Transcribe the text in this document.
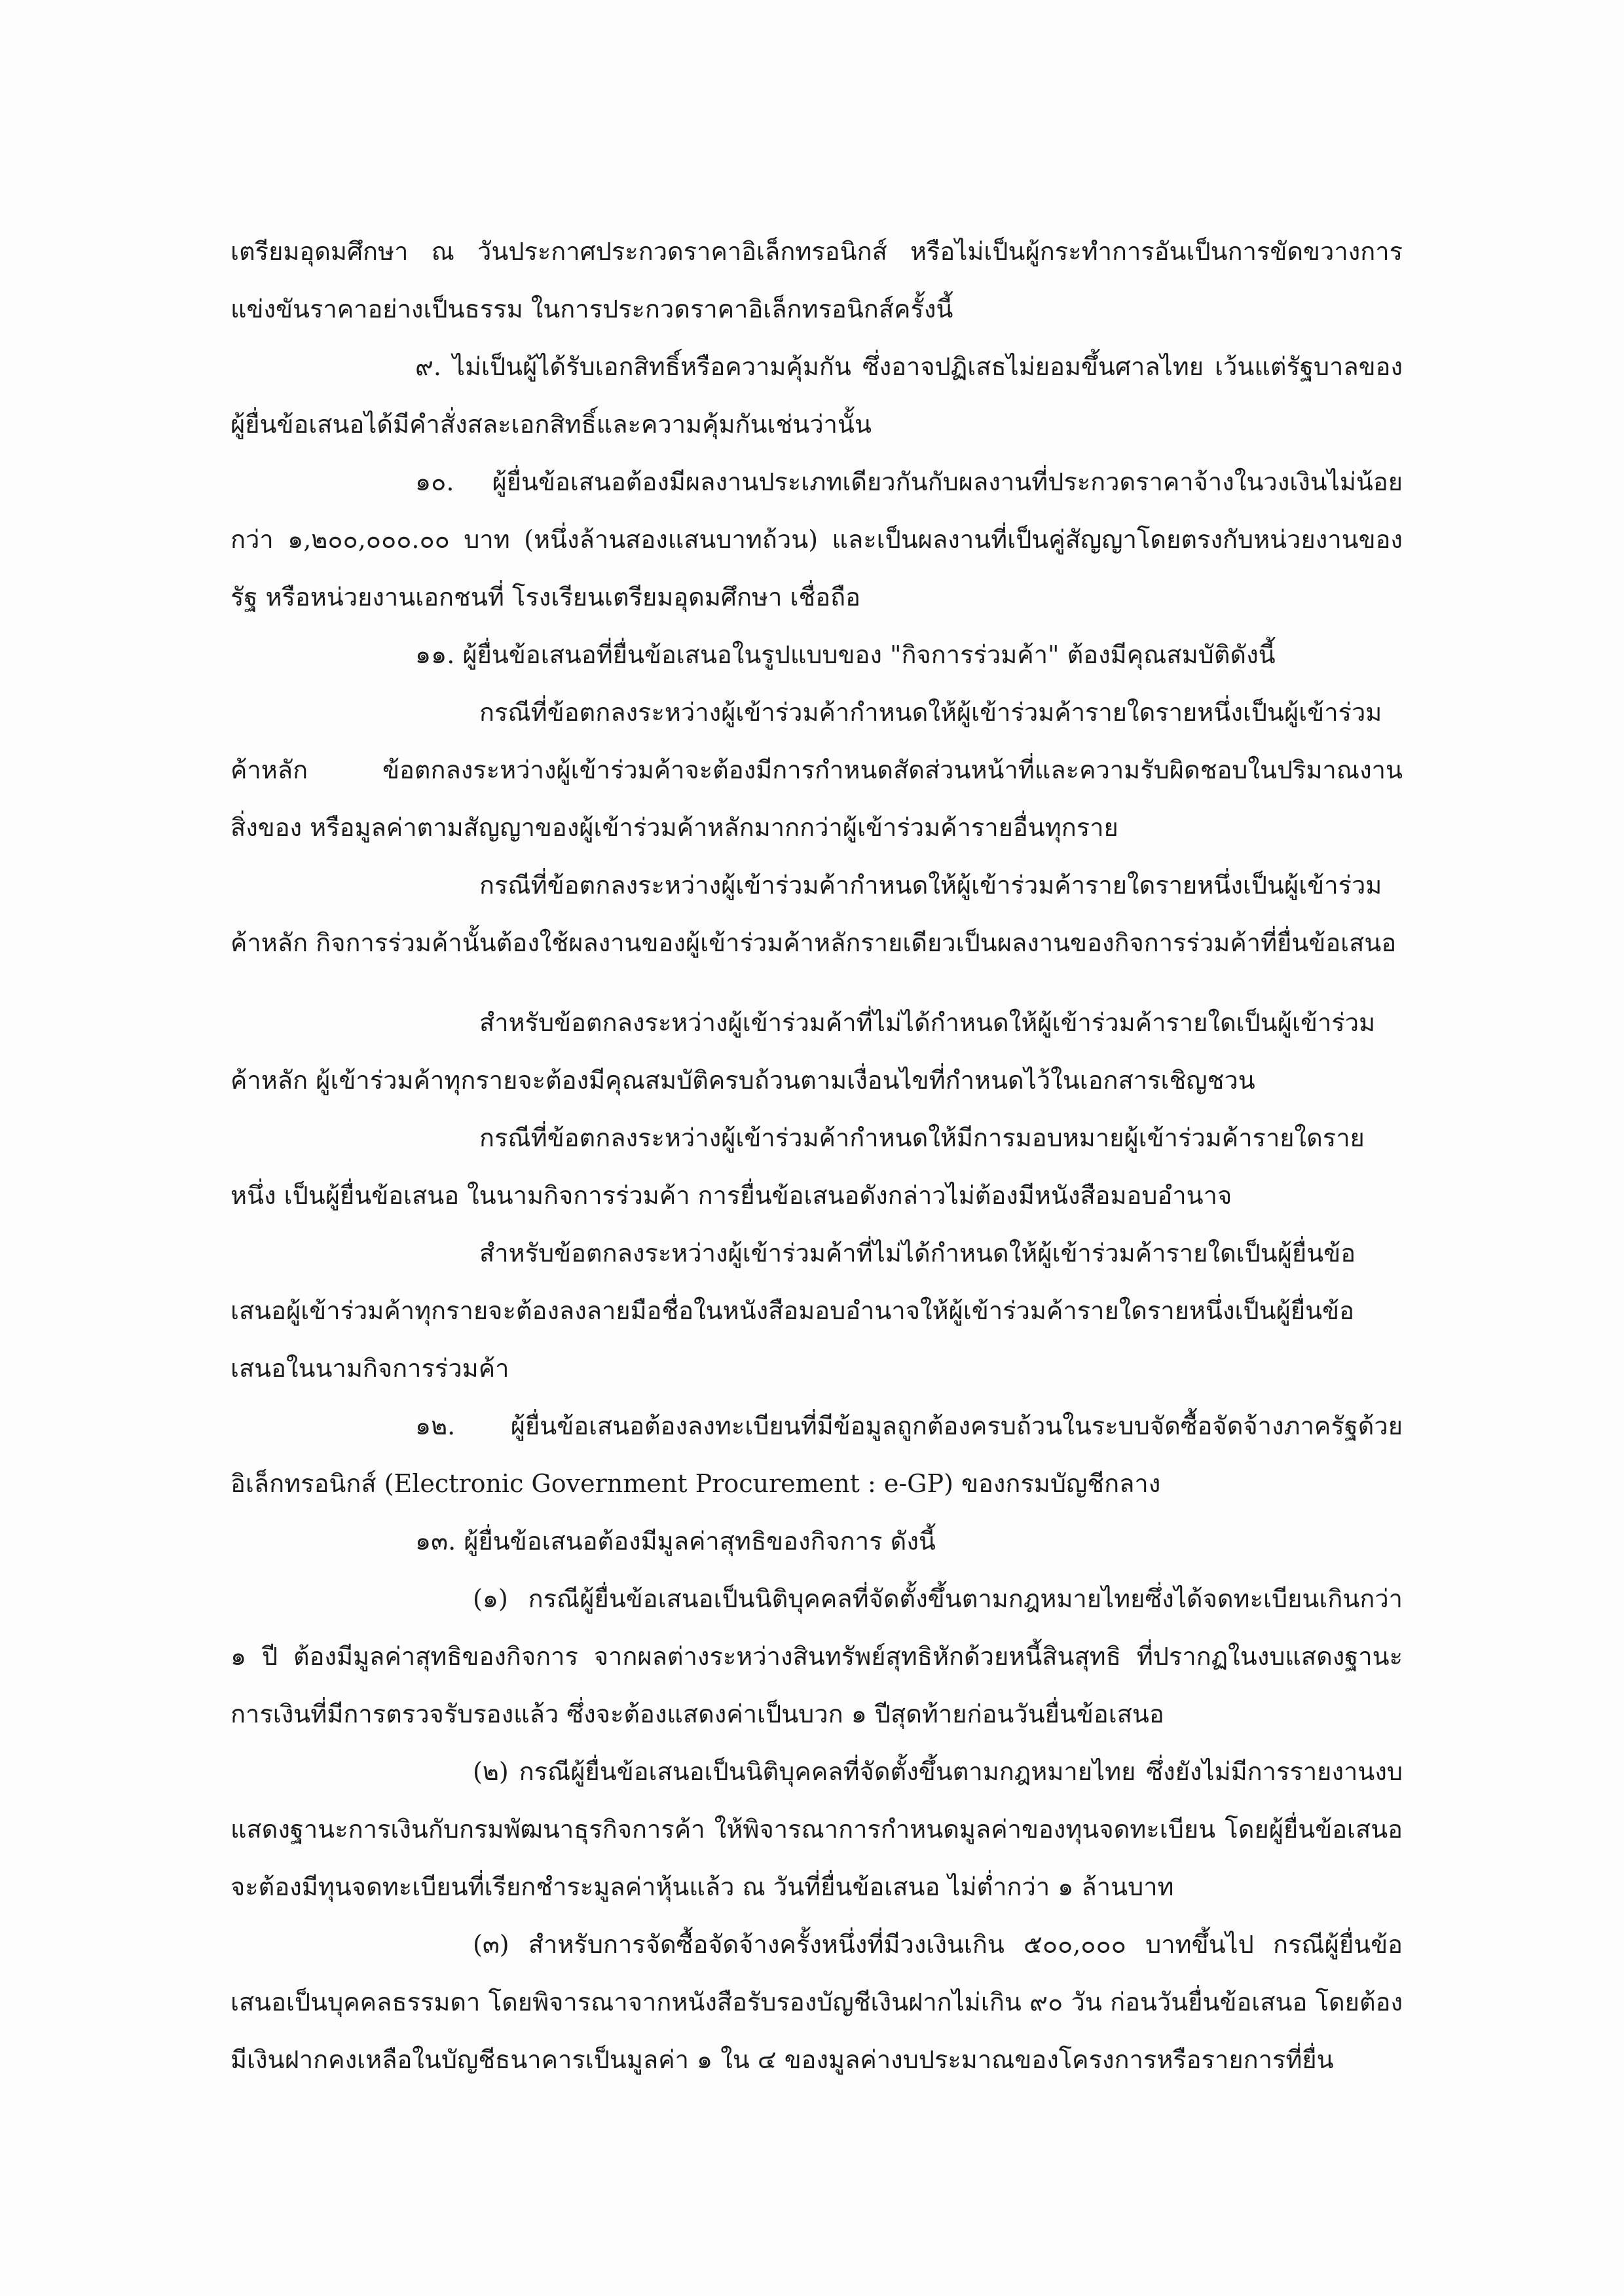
เตรียมอุดมศึกษา ณ วันประกาศประกวดราคาอิเล็กทรอนิกส์ หรือไม่เป็นผู้กระทำการอันเป็นการขัดขวางการแข่งขันราคาอย่างเป็นธรรม ในการประกวดราคาอิเล็กทรอนิกส์ครั้งนี้

๙. ไม่เป็นผู้ได้รับเอกสิทธิ์หรือความคุ้มกัน ซึ่งอาจปฏิเสธไม่ยอมขึ้นศาลไทย เว้นแต่รัฐบาลของผู้ยื่นข้อเสนอได้มีคำสั่งสละเอกสิทธิ์และความคุ้มกันเช่นว่านั้น

๑๐. ผู้ยื่นข้อเสนอต้องมีผลงานประเภทเดียวกันกับผลงานที่ประกวดราคาจ้างในวงเงินไม่น้อยกว่า ๑,๒๐๐,๐๐๐.๐๐ บาท (หนึ่งล้านสองแสนบาทถ้วน) และเป็นผลงานที่เป็นคู่สัญญาโดยตรงกับหน่วยงานของรัฐ หรือหน่วยงานเอกชนที่ โรงเรียนเตรียมอุดมศึกษา เชื่อถือ

๑๑. ผู้ยื่นข้อเสนอที่ยื่นข้อเสนอในรูปแบบของ "กิจการร่วมค้า" ต้องมีคุณสมบัติดังนี้

กรณีที่ข้อตกลงระหว่างผู้เข้าร่วมค้ากำหนดให้ผู้เข้าร่วมค้ารายใดรายหนึ่งเป็นผู้เข้าร่วมค้าหลัก ข้อตกลงระหว่างผู้เข้าร่วมค้าจะต้องมีการกำหนดสัดส่วนหน้าที่และความรับผิดชอบในปริมาณงาน สิ่งของ หรือมูลค่าตามสัญญาของผู้เข้าร่วมค้าหลักมากกว่าผู้เข้าร่วมค้ารายอื่นทุกราย

กรณีที่ข้อตกลงระหว่างผู้เข้าร่วมค้ากำหนดให้ผู้เข้าร่วมค้ารายใดรายหนึ่งเป็นผู้เข้าร่วมค้าหลัก กิจการร่วมค้านั้นต้องใช้ผลงานของผู้เข้าร่วมค้าหลักรายเดียวเป็นผลงานของกิจการร่วมค้าที่ยื่นข้อเสนอ

สำหรับข้อตกลงระหว่างผู้เข้าร่วมค้าที่ไม่ได้กำหนดให้ผู้เข้าร่วมค้ารายใดเป็นผู้เข้าร่วมค้าหลัก ผู้เข้าร่วมค้าทุกรายจะต้องมีคุณสมบัติครบถ้วนตามเงื่อนไขที่กำหนดไว้ในเอกสารเชิญชวน

กรณีที่ข้อตกลงระหว่างผู้เข้าร่วมค้ากำหนดให้มีการมอบหมายผู้เข้าร่วมค้ารายใดรายหนึ่ง เป็นผู้ยื่นข้อเสนอ ในนามกิจการร่วมค้า การยื่นข้อเสนอดังกล่าวไม่ต้องมีหนังสือมอบอำนาจ

สำหรับข้อตกลงระหว่างผู้เข้าร่วมค้าที่ไม่ได้กำหนดให้ผู้เข้าร่วมค้ารายใดเป็นผู้ยื่นข้อเสนอผู้เข้าร่วมค้าทุกรายจะต้องลงลายมือชื่อในหนังสือมอบอำนาจให้ผู้เข้าร่วมค้ารายใดรายหนึ่งเป็นผู้ยื่นข้อเสนอในนามกิจการร่วมค้า

๑๒. ผู้ยื่นข้อเสนอต้องลงทะเบียนที่มีข้อมูลถูกต้องครบถ้วนในระบบจัดซื้อจัดจ้างภาครัฐด้วยอิเล็กทรอนิกส์ (Electronic Government Procurement : e-GP) ของกรมบัญชีกลาง

๑๓. ผู้ยื่นข้อเสนอต้องมีมูลค่าสุทธิของกิจการ ดังนี้

(๑) กรณีผู้ยื่นข้อเสนอเป็นนิติบุคคลที่จัดตั้งขึ้นตามกฎหมายไทยซึ่งได้จดทะเบียนเกินกว่า ๑ ปี ต้องมีมูลค่าสุทธิของกิจการ จากผลต่างระหว่างสินทรัพย์สุทธิหักด้วยหนี้สินสุทธิ ที่ปรากฏในงบแสดงฐานะการเงินที่มีการตรวจรับรองแล้ว ซึ่งจะต้องแสดงค่าเป็นบวก ๑ ปีสุดท้ายก่อนวันยื่นข้อเสนอ

(๒) กรณีผู้ยื่นข้อเสนอเป็นนิติบุคคลที่จัดตั้งขึ้นตามกฎหมายไทย ซึ่งยังไม่มีการรายงานงบแสดงฐานะการเงินกับกรมพัฒนาธุรกิจการค้า ให้พิจารณาการกำหนดมูลค่าของทุนจดทะเบียน โดยผู้ยื่นข้อเสนอจะต้องมีทุนจดทะเบียนที่เรียกชำระมูลค่าหุ้นแล้ว ณ วันที่ยื่นข้อเสนอ ไม่ต่ำกว่า ๑ ล้านบาท

(๓) สำหรับการจัดซื้อจัดจ้างครั้งหนึ่งที่มีวงเงินเกิน ๕๐๐,๐๐๐ บาทขึ้นไป กรณีผู้ยื่นข้อเสนอเป็นบุคคลธรรมดา โดยพิจารณาจากหนังสือรับรองบัญชีเงินฝากไม่เกิน ๙๐ วัน ก่อนวันยื่นข้อเสนอ โดยต้องมีเงินฝากคงเหลือในบัญชีธนาคารเป็นมูลค่า ๑ ใน ๔ ของมูลค่างบประมาณของโครงการหรือรายการที่ยื่น
